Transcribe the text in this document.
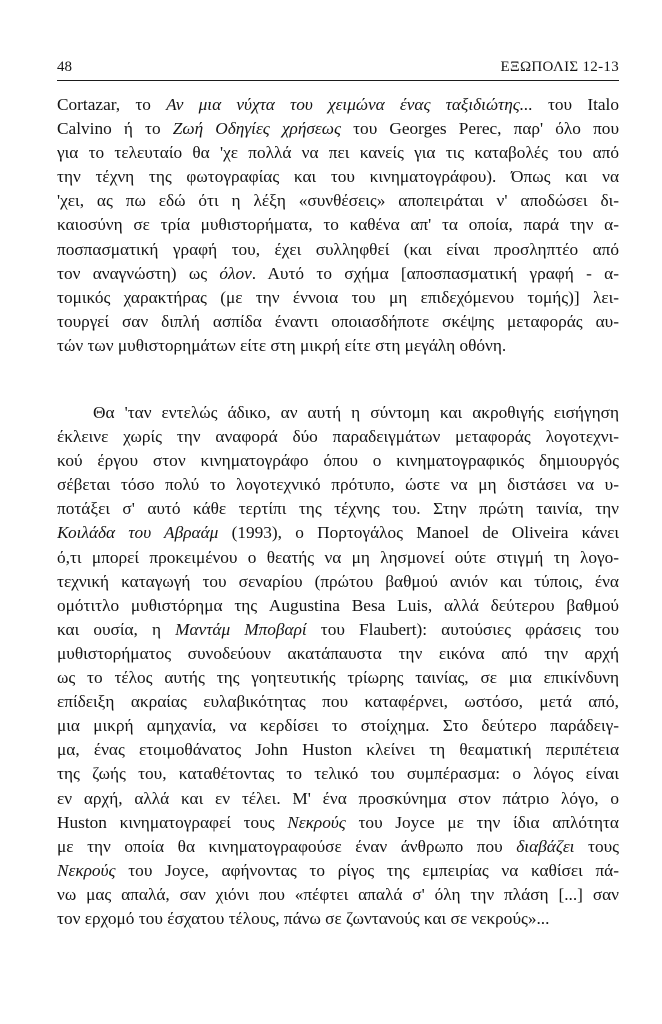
48	ΕΞΩΠΟΛΙΣ 12-13
Cortazar, το Αν μια νύχτα του χειμώνα ένας ταξιδιώτης... του Italo
Calvino ή το Ζωή Οδηγίες χρήσεως του Georges Perec, παρ' όλο που
για το τελευταίο θα 'χε πολλά να πει κανείς για τις καταβολές του από
την τέχνη της φωτογραφίας και του κινηματογράφου). Όπως και να
'χει, ας πω εδώ ότι η λέξη «συνθέσεις» αποπειράται ν' αποδώσει δι-
καιοσύνη σε τρία μυθιστορήματα, το καθένα απ' τα οποία, παρά την α-
ποσπασματική γραφή του, έχει συλληφθεί (και είναι προσληπτέο από
τον αναγνώστη) ως όλον. Αυτό το σχήμα [αποσπασματική γραφή - α-
τομικός χαρακτήρας (με την έννοια του μη επιδεχόμενου τομής)] λει-
τουργεί σαν διπλή ασπίδα έναντι οποιασδήποτε σκέψης μεταφοράς αυ-
τών των μυθιστορημάτων είτε στη μικρή είτε στη μεγάλη οθόνη.
Θα 'ταν εντελώς άδικο, αν αυτή η σύντομη και ακροθιγής εισήγηση
έκλεινε χωρίς την αναφορά δύο παραδειγμάτων μεταφοράς λογοτεχνι-
κού έργου στον κινηματογράφο όπου ο κινηματογραφικός δημιουργός
σέβεται τόσο πολύ το λογοτεχνικό πρότυπο, ώστε να μη διστάσει να υ-
ποτάξει σ' αυτό κάθε τερτίπι της τέχνης του. Στην πρώτη ταινία, την
Κοιλάδα του Αβραάμ (1993), ο Πορτογάλος Manoel de Oliveira κάνει
ό,τι μπορεί προκειμένου ο θεατής να μη λησμονεί ούτε στιγμή τη λογο-
τεχνική καταγωγή του σεναρίου (πρώτου βαθμού ανιόν και τύποις, ένα
ομότιτλο μυθιστόρημα της Augustina Besa Luis, αλλά δεύτερου βαθμού
και ουσία, η Μαντάμ Μποβαρί του Flaubert): αυτούσιες φράσεις του
μυθιστορήματος συνοδεύουν ακατάπαυστα την εικόνα από την αρχή
ως το τέλος αυτής της γοητευτικής τρίωρης ταινίας, σε μια επικίνδυνη
επίδειξη ακραίας ευλαβικότητας που καταφέρνει, ωστόσο, μετά από,
μια μικρή αμηχανία, να κερδίσει το στοίχημα. Στο δεύτερο παράδειγ-
μα, ένας ετοιμοθάνατος John Huston κλείνει τη θεαματική περιπέτεια
της ζωής του, καταθέτοντας το τελικό του συμπέρασμα: ο λόγος είναι
εν αρχή, αλλά και εν τέλει. Μ' ένα προσκύνημα στον πάτριο λόγο, ο
Huston κινηματογραφεί τους Νεκρούς του Joyce με την ίδια απλότητα
με την οποία θα κινηματογραφούσε έναν άνθρωπο που διαβάζει τους
Νεκρούς του Joyce, αφήνοντας το ρίγος της εμπειρίας να καθίσει πά-
νω μας απαλά, σαν χιόνι που «πέφτει απαλά σ' όλη την πλάση [...] σαν
τον ερχομό του έσχατου τέλους, πάνω σε ζωντανούς και σε νεκρούς»...
